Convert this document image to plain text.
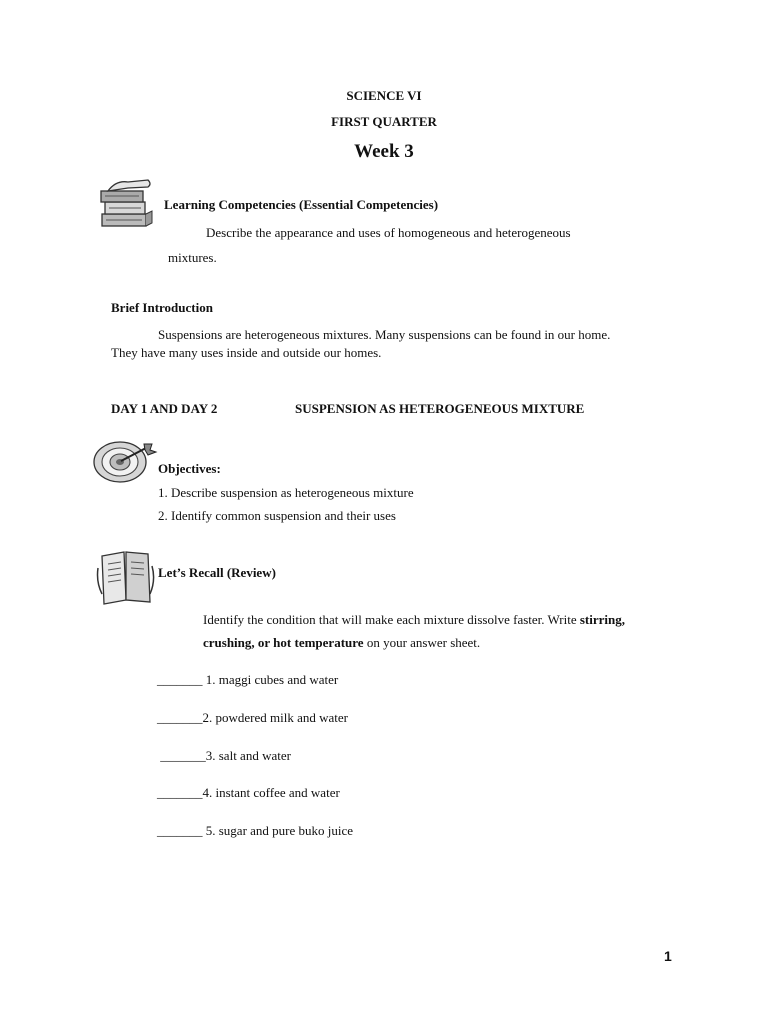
SCIENCE VI
FIRST QUARTER
Week 3
Learning Competencies (Essential Competencies)
Describe the appearance and uses of homogeneous and heterogeneous
mixtures.
Brief Introduction
Suspensions are heterogeneous mixtures. Many suspensions can be found in our home.
They have many uses inside and outside our homes.
DAY 1 AND DAY 2	SUSPENSION AS HETEROGENEOUS MIXTURE
Objectives:
1. Describe suspension as heterogeneous mixture
2. Identify common suspension and their uses
Let’s Recall (Review)
Identify the condition that will make each mixture dissolve faster. Write stirring,
crushing, or hot temperature on your answer sheet.
_______ 1. maggi cubes and water
_______2. powdered milk and water
_______3. salt and water
_______4. instant coffee and water
_______ 5. sugar and pure buko juice
1
